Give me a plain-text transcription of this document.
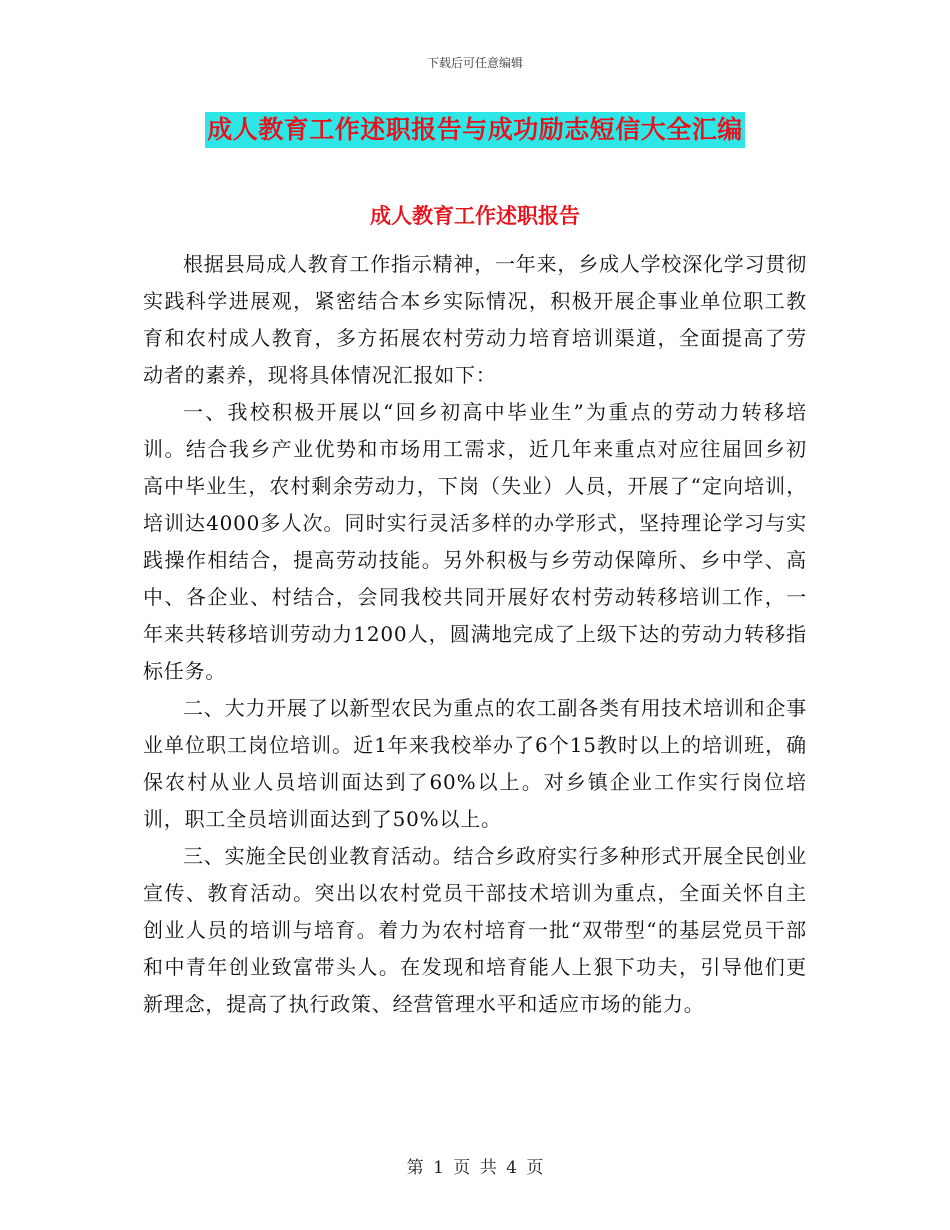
下载后可任意编辑
成人教育工作述职报告与成功励志短信大全汇编
成人教育工作述职报告

根据县局成人教育工作指示精神，一年来，乡成人学校深化学习贯彻实践科学进展观，紧密结合本乡实际情况，积极开展企事业单位职工教育和农村成人教育，多方拓展农村劳动力培育培训渠道，全面提高了劳动者的素养，现将具体情况汇报如下：

一、我校积极开展以“回乡初高中毕业生”为重点的劳动力转移培训。结合我乡产业优势和市场用工需求，近几年来重点对应往届回乡初高中毕业生，农村剩余劳动力，下岗（失业）人员，开展了“定向培训，培训达4000多人次。同时实行灵活多样的办学形式，坚持理论学习与实践操作相结合，提高劳动技能。另外积极与乡劳动保障所、乡中学、高中、各企业、村结合，会同我校共同开展好农村劳动转移培训工作，一年来共转移培训劳动力1200人，圆满地完成了上级下达的劳动力转移指标任务。

二、大力开展了以新型农民为重点的农工副各类有用技术培训和企事业单位职工岗位培训。近1年来我校举办了6个15教时以上的培训班，确保农村从业人员培训面达到了60%以上。对乡镇企业工作实行岗位培训，职工全员培训面达到了50%以上。

三、实施全民创业教育活动。结合乡政府实行多种形式开展全民创业宣传、教育活动。突出以农村党员干部技术培训为重点，全面关怀自主创业人员的培训与培育。着力为农村培育一批“双带型“的基层党员干部和中青年创业致富带头人。在发现和培育能人上狠下功夫，引导他们更新理念，提高了执行政策、经营管理水平和适应市场的能力。

第 1 页 共 4 页
